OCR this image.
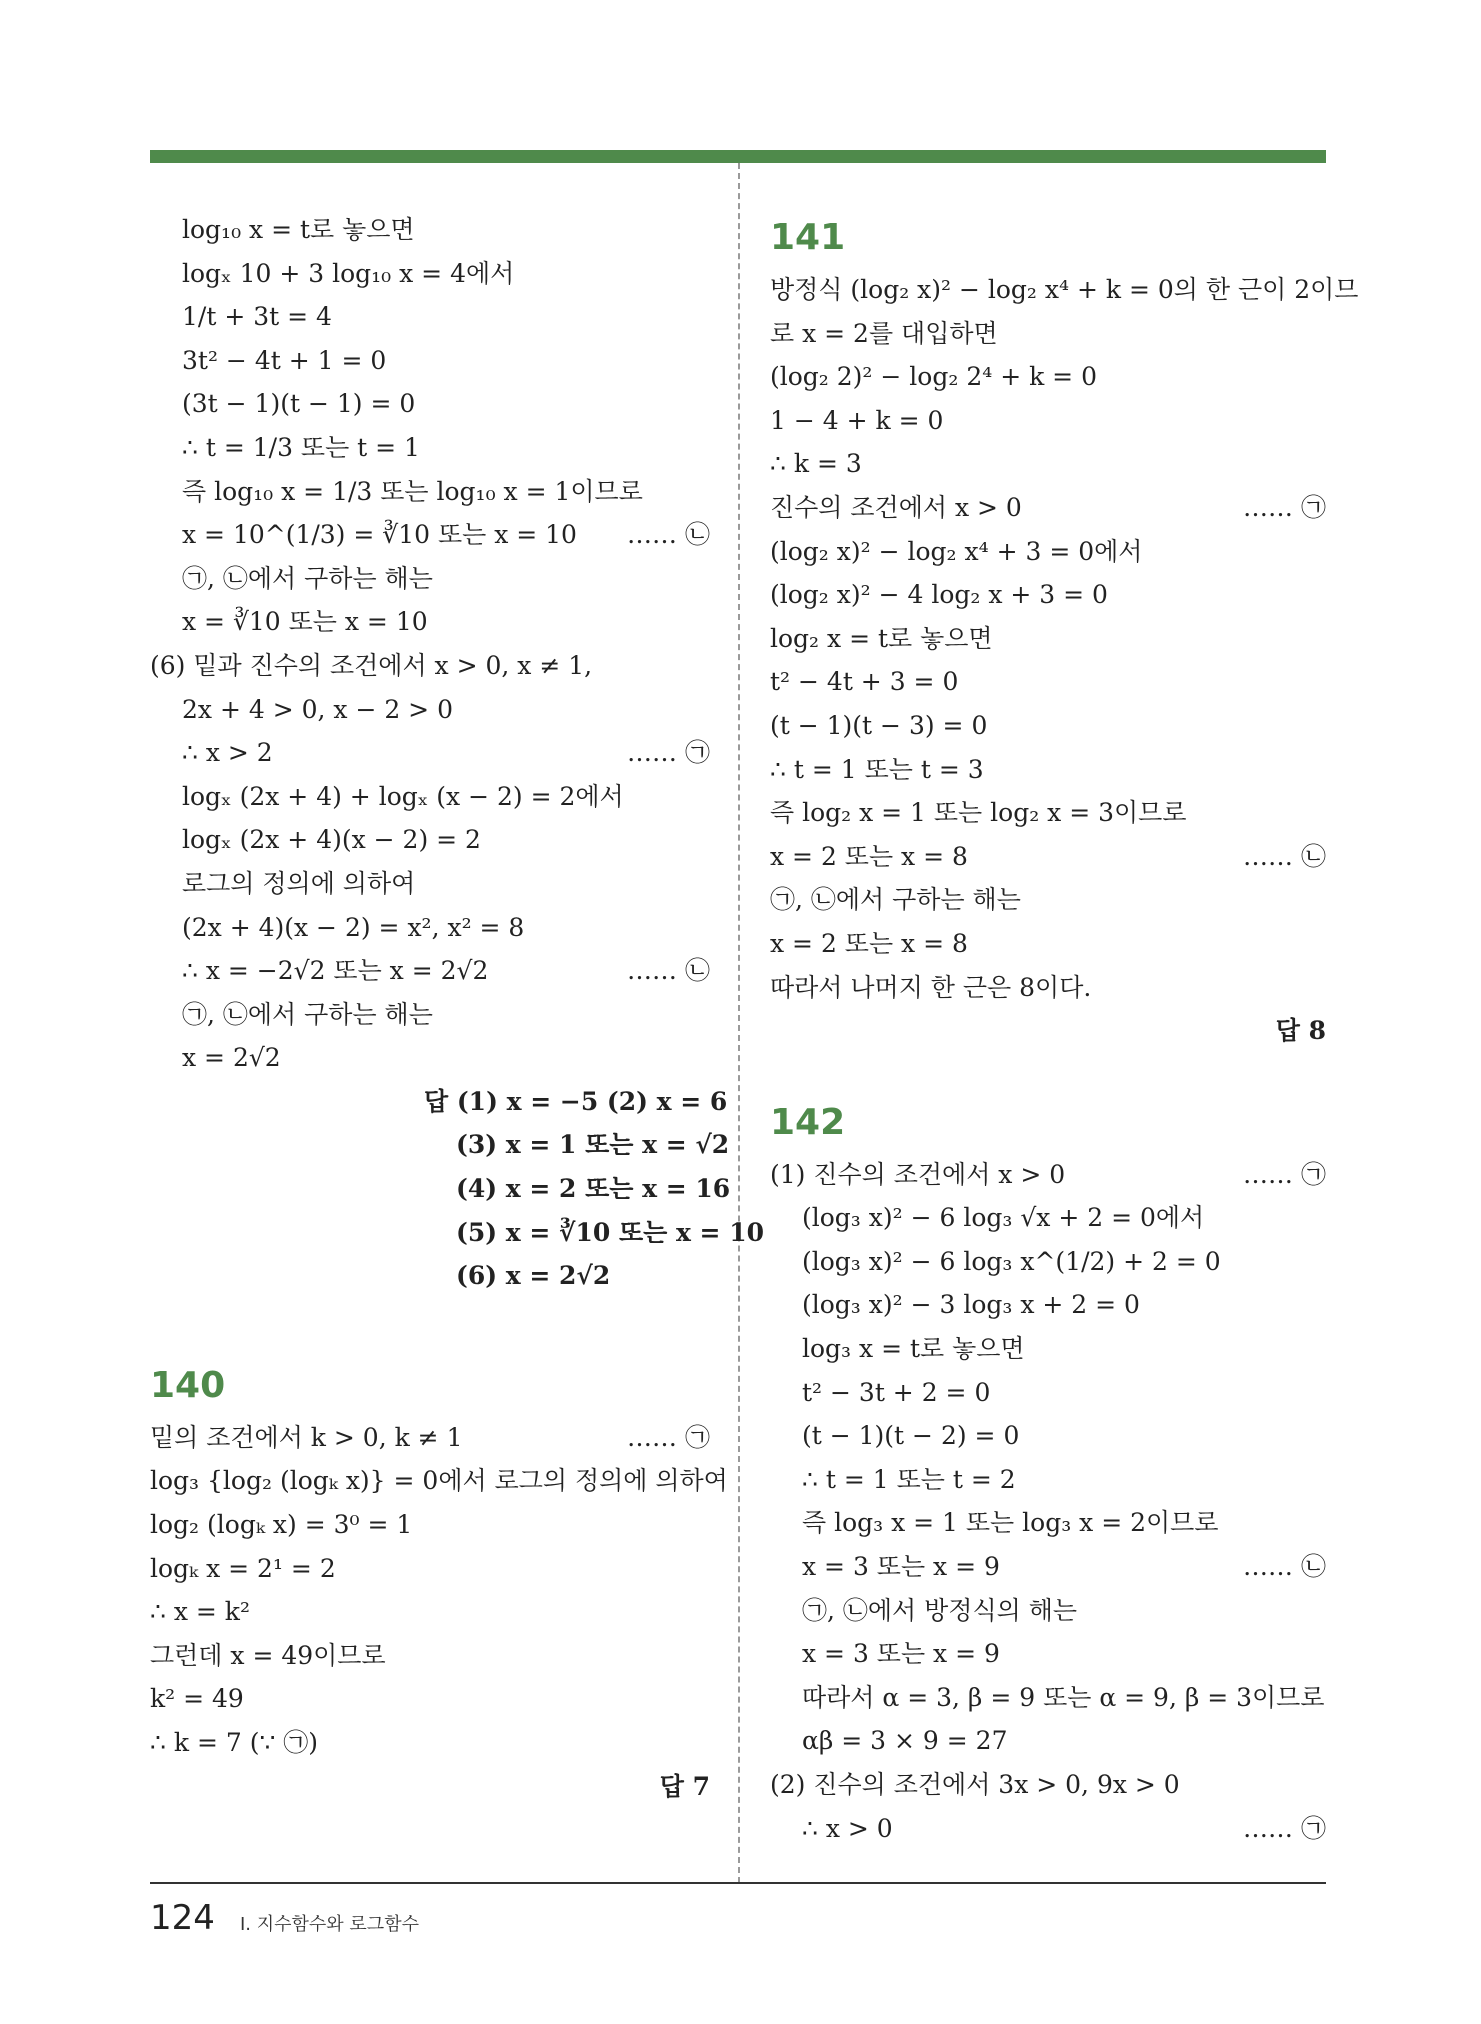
log₁₀ x = t로 놓으면
logₓ 10 + 3 log₁₀ x = 4에서
1/t + 3t = 4
3t² − 4t + 1 = 0
(3t − 1)(t − 1) = 0
∴ t = 1/3 또는 t = 1
즉 log₁₀ x = 1/3 또는 log₁₀ x = 1이므로
x = 10^(1/3) = ∛10 또는 x = 10 …… ㉡
㉠, ㉡에서 구하는 해는
x = ∛10 또는 x = 10
(6) 밑과 진수의 조건에서 x > 0, x ≠ 1,
2x + 4 > 0, x − 2 > 0
∴ x > 2	…… ㉠
logₓ (2x + 4) + logₓ (x − 2) = 2에서
logₓ (2x + 4)(x − 2) = 2
로그의 정의에 의하여
(2x + 4)(x − 2) = x², x² = 8
∴ x = −2√2 또는 x = 2√2	…… ㉡
㉠, ㉡에서 구하는 해는
x = 2√2
답 (1) x = −5 (2) x = 6
(3) x = 1 또는 x = √2
(4) x = 2 또는 x = 16
(5) x = ∛10 또는 x = 10
(6) x = 2√2
140
밑의 조건에서 k > 0, k ≠ 1	…… ㉠
log₃ {log₂ (logₖ x)} = 0에서 로그의 정의에 의하여
log₂ (logₖ x) = 3⁰ = 1
logₖ x = 2¹ = 2
∴ x = k²
그런데 x = 49이므로
k² = 49
∴ k = 7 (∵ ㉠)
답 7
141
방정식 (log₂ x)² − log₂ x⁴ + k = 0의 한 근이 2이므
로 x = 2를 대입하면
(log₂ 2)² − log₂ 2⁴ + k = 0
1 − 4 + k = 0
∴ k = 3
진수의 조건에서 x > 0	…… ㉠
(log₂ x)² − log₂ x⁴ + 3 = 0에서
(log₂ x)² − 4 log₂ x + 3 = 0
log₂ x = t로 놓으면
t² − 4t + 3 = 0
(t − 1)(t − 3) = 0
∴ t = 1 또는 t = 3
즉 log₂ x = 1 또는 log₂ x = 3이므로
x = 2 또는 x = 8	…… ㉡
㉠, ㉡에서 구하는 해는
x = 2 또는 x = 8
따라서 나머지 한 근은 8이다.
답 8
142
(1) 진수의 조건에서 x > 0	…… ㉠
(log₃ x)² − 6 log₃ √x + 2 = 0에서
(log₃ x)² − 6 log₃ x^(1/2) + 2 = 0
(log₃ x)² − 3 log₃ x + 2 = 0
log₃ x = t로 놓으면
t² − 3t + 2 = 0
(t − 1)(t − 2) = 0
∴ t = 1 또는 t = 2
즉 log₃ x = 1 또는 log₃ x = 2이므로
x = 3 또는 x = 9	…… ㉡
㉠, ㉡에서 방정식의 해는
x = 3 또는 x = 9
따라서 α = 3, β = 9 또는 α = 9, β = 3이므로
αβ = 3 × 9 = 27
(2) 진수의 조건에서 3x > 0, 9x > 0
∴ x > 0	…… ㉠
124 Ⅰ. 지수함수와 로그함수
